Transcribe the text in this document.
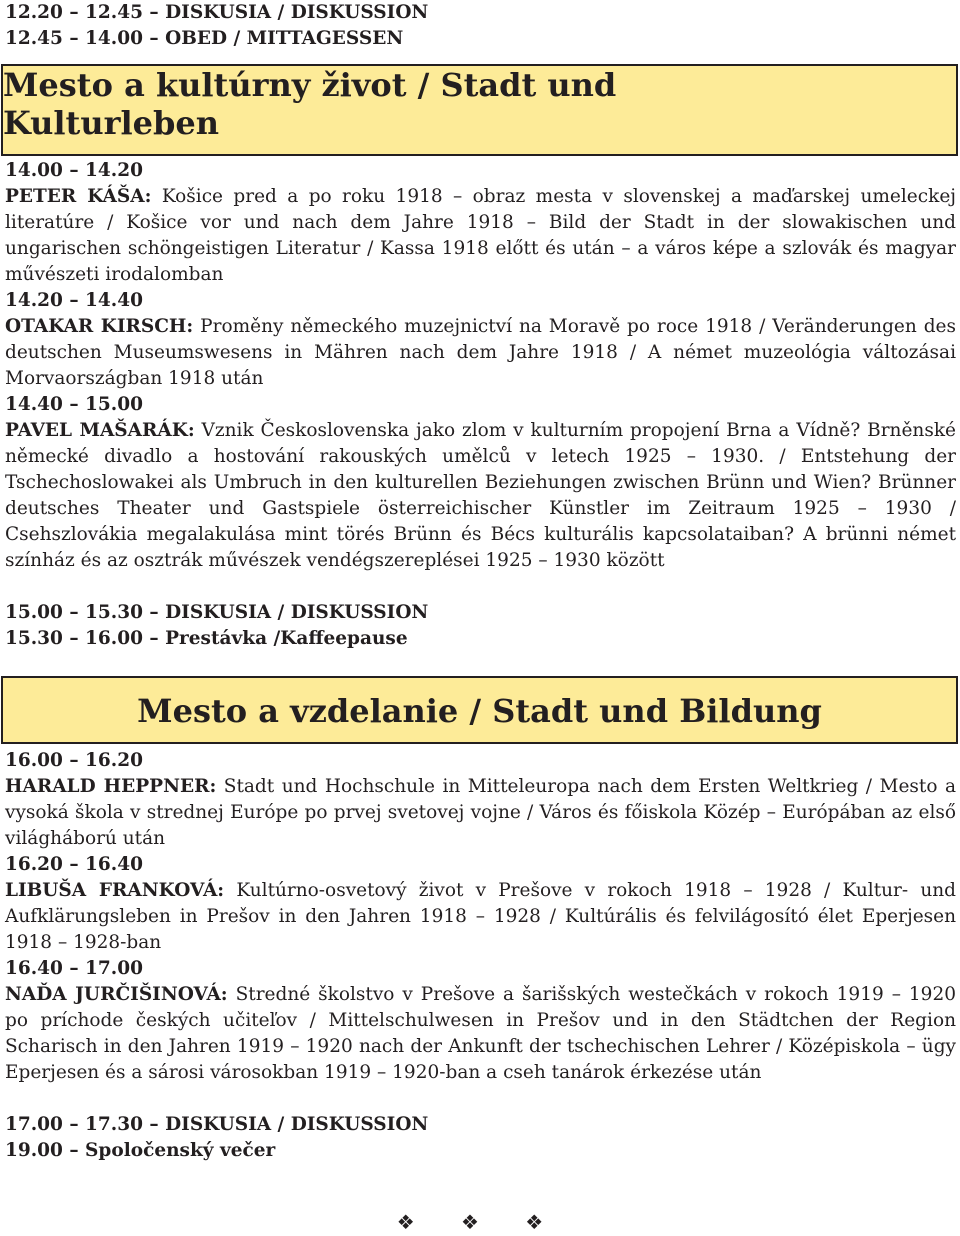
12.20 – 12.45 – DISKUSIA / DISKUSSION
12.45 – 14.00 – OBED / MITTAGESSEN
Mesto a kultúrny život / Stadt und Kulturleben
14.00 – 14.20
PETER KÁŠA: Košice pred a po roku 1918 – obraz mesta v slovenskej a maďarskej umeleckej literatúre / Košice vor und nach dem Jahre 1918 – Bild der Stadt in der slowakischen und ungarischen schöngeistigen Literatur / Kassa 1918 előtt és után – a város képe a szlovák és magyar művészeti irodalomban
14.20 – 14.40
OTAKAR KIRSCH: Proměny německého muzejnictví na Moravě po roce 1918 / Veränderungen des deutschen Museumswesens in Mähren nach dem Jahre 1918 / A német muzeológia változásai Morvaországban 1918 után
14.40 – 15.00
PAVEL MAŠARÁK: Vznik Československa jako zlom v kulturním propojení Brna a Vídně? Brněnské německé divadlo a hostování rakouských umělců v letech 1925 – 1930. / Entstehung der Tschechoslowakei als Umbruch in den kulturellen Beziehungen zwischen Brünn und Wien? Brünner deutsches Theater und Gastspiele österreichischer Künstler im Zeitraum 1925 – 1930 / Csehszlovákia megalakulása mint törés Brünn és Bécs kulturális kapcsolataiban? A brünni német színház és az osztrák művészek vendégszereplései 1925 – 1930 között
15.00 – 15.30 – DISKUSIA / DISKUSSION
15.30 – 16.00 – Prestávka /Kaffeepause
Mesto a vzdelanie / Stadt und Bildung
16.00 – 16.20
HARALD HEPPNER: Stadt und Hochschule in Mitteleuropa nach dem Ersten Weltkrieg / Mesto a vysoká škola v strednej Európe po prvej svetovej vojne / Város és főiskola Közép – Európában az első világháború után
16.20 – 16.40
LIBUŠA FRANKOVÁ: Kultúrno-osvetový život v Prešove v rokoch 1918 – 1928 / Kultur- und Aufklärungsleben in Prešov in den Jahren 1918 – 1928 / Kultúrális és felvilágosító élet Eperjesen 1918 – 1928-ban
16.40 – 17.00
NAĎA JURČIŠINOVÁ: Stredné školstvo v Prešove a šarišských westečkách v rokoch 1919 – 1920 po príchode českých učiteľov / Mittelschulwesen in Prešov und in den Städtchen der Region Scharisch in den Jahren 1919 – 1920 nach der Ankunft der tschechischen Lehrer / Középiskola – ügy Eperjesen és a sárosi városokban 1919 – 1920-ban a cseh tanárok érkezése után
17.00 – 17.30 – DISKUSIA / DISKUSSION
19.00 – Spoločenský večer
❖ ❖ ❖
